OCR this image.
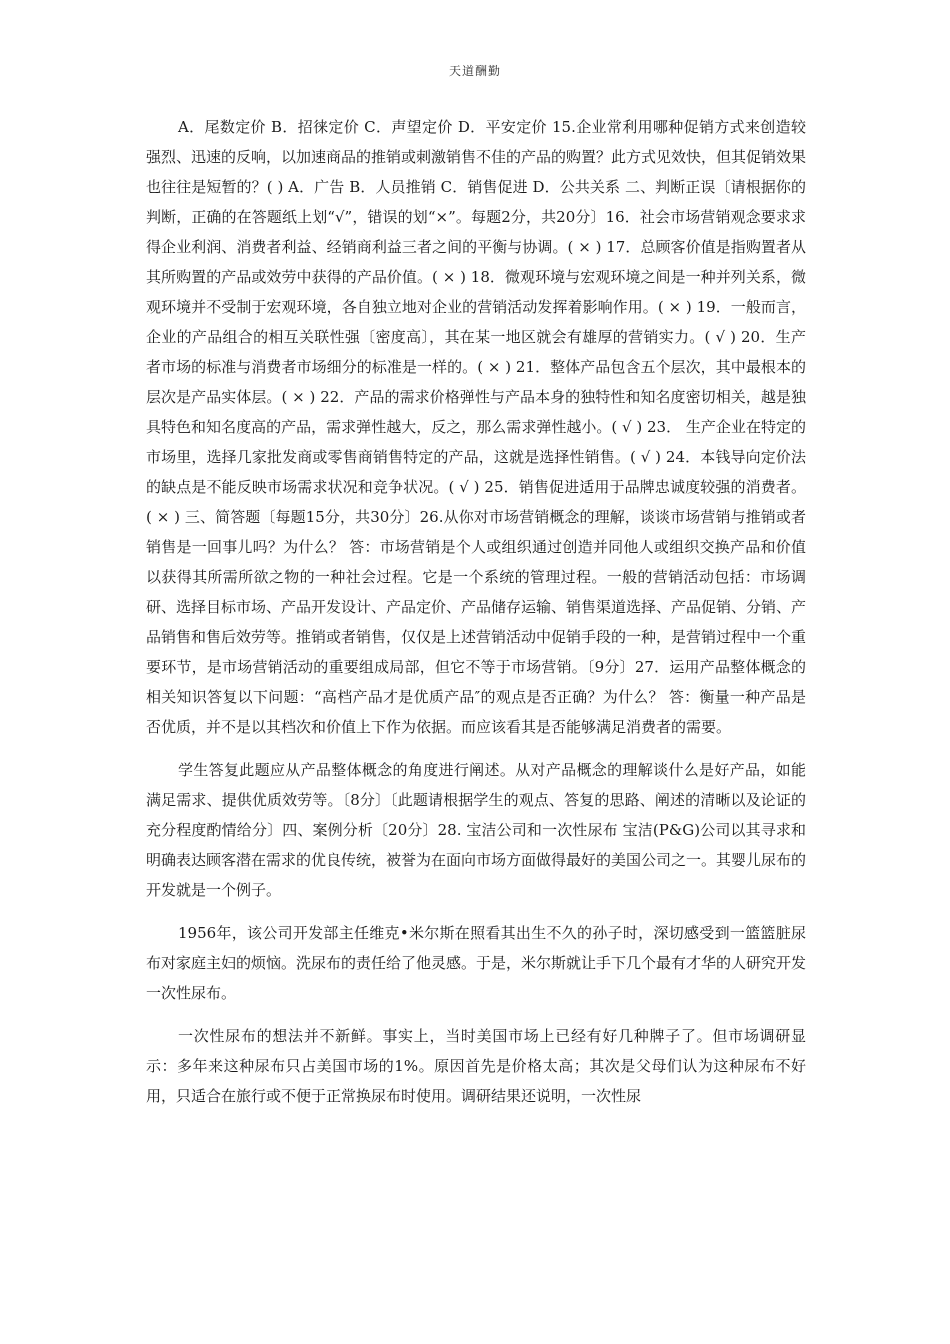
天道酬勤

A．尾数定价 B．招徕定价 C．声望定价 D．平安定价 15.企业常利用哪种促销方式来创造较强烈、迅速的反响，以加速商品的推销或刺激销售不佳的产品的购置？此方式见效快，但其促销效果也往往是短暂的？( ) A．广告 B．人员推销 C．销售促进 D．公共关系 二、判断正误〔请根据你的判断，正确的在答题纸上划“√”，错误的划“×”。每题2分，共20分〕16．社会市场营销观念要求求得企业利润、消费者利益、经销商利益三者之间的平衡与协调。( × ) 17．总顾客价值是指购置者从其所购置的产品或效劳中获得的产品价值。( × ) 18．微观环境与宏观环境之间是一种并列关系，微观环境并不受制于宏观环境，各自独立地对企业的营销活动发挥着影响作用。( × ) 19．一般而言，企业的产品组合的相互关联性强〔密度高〕，其在某一地区就会有雄厚的营销实力。( √ ) 20．生产者市场的标准与消费者市场细分的标准是一样的。( × ) 21．整体产品包含五个层次，其中最根本的层次是产品实体层。( × ) 22．产品的需求价格弹性与产品本身的独特性和知名度密切相关，越是独具特色和知名度高的产品，需求弹性越大，反之，那么需求弹性越小。( √ ) 23． 生产企业在特定的市场里，选择几家批发商或零售商销售特定的产品，这就是选择性销售。( √ ) 24．本钱导向定价法的缺点是不能反映市场需求状况和竞争状况。( √ ) 25．销售促进适用于品牌忠诚度较强的消费者。( × ) 三、简答题〔每题15分，共30分〕26.从你对市场营销概念的理解，谈谈市场营销与推销或者销售是一回事儿吗？为什么？ 答：市场营销是个人或组织通过创造并同他人或组织交换产品和价值以获得其所需所欲之物的一种社会过程。它是一个系统的管理过程。一般的营销活动包括：市场调研、选择目标市场、产品开发设计、产品定价、产品储存运输、销售渠道选择、产品促销、分销、产品销售和售后效劳等。推销或者销售，仅仅是上述营销活动中促销手段的一种，是营销过程中一个重要环节，是市场营销活动的重要组成局部，但它不等于市场营销。〔9分〕27．运用产品整体概念的相关知识答复以下问题：“高档产品才是优质产品″的观点是否正确？为什么？ 答：衡量一种产品是否优质，并不是以其档次和价值上下作为依据。而应该看其是否能够满足消费者的需要。

学生答复此题应从产品整体概念的角度进行阐述。从对产品概念的理解谈什么是好产品，如能满足需求、提供优质效劳等。〔8分〕〔此题请根据学生的观点、答复的思路、阐述的清晰以及论证的充分程度酌情给分〕四、案例分析〔20分〕28. 宝洁公司和一次性尿布 宝洁(P&G)公司以其寻求和明确表达顾客潜在需求的优良传统，被誉为在面向市场方面做得最好的美国公司之一。其婴儿尿布的开发就是一个例子。

1956年，该公司开发部主任维克•米尔斯在照看其出生不久的孙子时，深切感受到一篮篮脏尿布对家庭主妇的烦恼。洗尿布的责任给了他灵感。于是，米尔斯就让手下几个最有才华的人研究开发一次性尿布。

一次性尿布的想法并不新鲜。事实上，当时美国市场上已经有好几种牌子了。但市场调研显示：多年来这种尿布只占美国市场的1%。原因首先是价格太高；其次是父母们认为这种尿布不好用，只适合在旅行或不便于正常换尿布时使用。调研结果还说明，一次性尿
